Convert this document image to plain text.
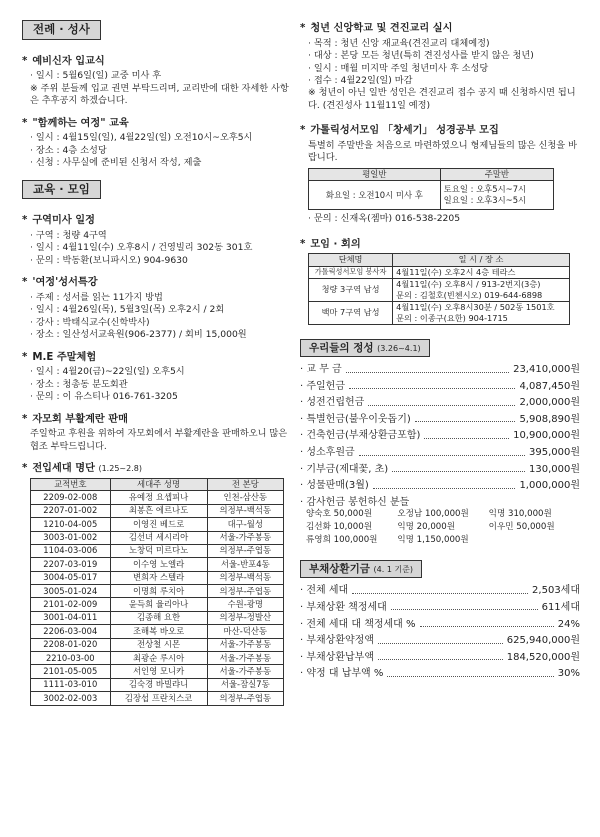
전례 · 성사
* 예비신자 입교식
· 일시 : 5월6일(일) 교중 미사 후
※ 주위 분들께 입교 권면 부탁드리며, 교리반에 대한 자세한 사항은 추후공지 하겠습니다.
* "함께하는 여정" 교육
· 일시 : 4월15일(일), 4월22일(일) 오전10시~오후5시
· 장소 : 4층 소성당
· 신청 : 사무실에 준비된 신청서 작성, 제출
교육 · 모임
* 구역미사 일정
· 구역 : 청량 4구역
· 일시 : 4월11일(수) 오후8시 / 건영빌리 302동 301호
· 문의 : 박동환(보니파시오) 904-9630
* '여정'성서특강
· 주제 : 성서를 읽는 11가지 방법
· 일시 : 4월26일(목), 5월3일(목) 오후2시 / 2회
· 강사 : 박태식교수(신학박사)
· 장소 : 일산성서교육원(906-2377) / 회비 15,000원
* M.E 주말체험
· 일시 : 4월20(금)~22일(일) 오후5시
· 장소 : 청총동 분도회관
· 문의 : 이 유스티나 016-761-3205
* 자모회 부활계란 판매
주일학교 후원을 위하여 자모회에서 부활계란을 판매하오니 많은 협조 부탁드립니다.
* 전입세대 명단 (1.25~2.8)
교적번호	세대주 성명	전 본당
2209-02-008	유예정 요셉피나	인천-삼산동
2207-01-002	최봉흔 에르나도	의정부-백석동
1210-04-005	이영진 베드로	대구-월성
3003-01-002	김선녀 세시리아	서울-가주봉동
1104-03-006	노창덕 미르다노	의정부-주엽동
2207-03-019	이수영 노엘라	서울-반포4동
3004-05-017	변희자 스텔라	의정부-백석동
3005-01-024	이명희 루치아	의정부-주엽동
2101-02-009	윤득희 율리아나	수원-광명
3001-04-011	김종해 요한	의정부-정발산
2206-03-004	조해복 바오로	마산-덕산동
2208-01-020	전상철 시몬	서울-가주봉동
2210-03-00	최광순 루시아	서울-가주봉동
2101-05-005	서인영 모니카	서울-가주봉동
1111-03-010	김숙경 바빌랴니	서울-잠실7동
3002-02-003	김장섭 프란치스코	의정부-주엽동
* 청년 신앙학교 및 견진교리 실시
· 목적 : 청년 신앙 재교육(견진교리 대체예정)
· 대상 : 본당 모든 청년(특히 견진성사를 받지 않은 청년)
· 일시 : 매월 미지막 주일 청년미사 후 소성당
· 접수 : 4월22일(일) 마감
※ 청년이 아닌 일반 성인은 견진교리 접수 공지 때 신청하시면 됩니다. (견진성사 11월11일 예정)
* 가톨릭성서모임 「창세기」 성경공부 모집
특별히 주말반을 처음으로 마련하였으니 형제님들의 많은 신청을 바랍니다.
평일반	주말반
화요일 : 오전10시 미사 후	토요일 : 오후5시~7시
일요일 : 오후3시~5시
· 문의 : 신재옥(젬마) 016-538-2205
* 모임 · 회의
단체명	일 시 / 장 소
가톨릭성서모임 봉사자	4월11일(수) 오후2시 4층 테라스
청량 3구역 남성	4월11일(수) 오후8시 / 913-2번지(3층)
문의 : 김철호(빈첸시오) 019-644-6898

백마 7구역 남성	4월11일(수) 오후8시30분 / 502동 1501호
문의 : 이종구(요한) 904-1715
우리들의 정성 (3.26~4.1)
· 교 무 금	23,410,000원
· 주일헌금	4,087,450원
· 성전건립헌금	2,000,000원
· 특별헌금(불우이웃돕기)	5,908,890원
· 건축헌금(부채상환금포함)	10,900,000원
· 성소후원금	395,000원
· 기부금(제대꽃, 초)	130,000원
· 성물판매(3월)	1,000,000원
· 감사헌금 봉헌하신 분들
양숙호 50,000원	오정남 100,000원	익명 310,000원
김선화 10,000원	익명 20,000원	이우민 50,000원
류영희 100,000원	익명 1,150,000원
부채상환기금 (4. 1 기준)
· 전체 세대	2,503세대
· 부채상환 책정세대	611세대
· 전체 세대 대 책정세대 %	24%
· 부채상환약정액	625,940,000원
· 부채상환납부액	184,520,000원
· 약정 대 납부액 %	30%
